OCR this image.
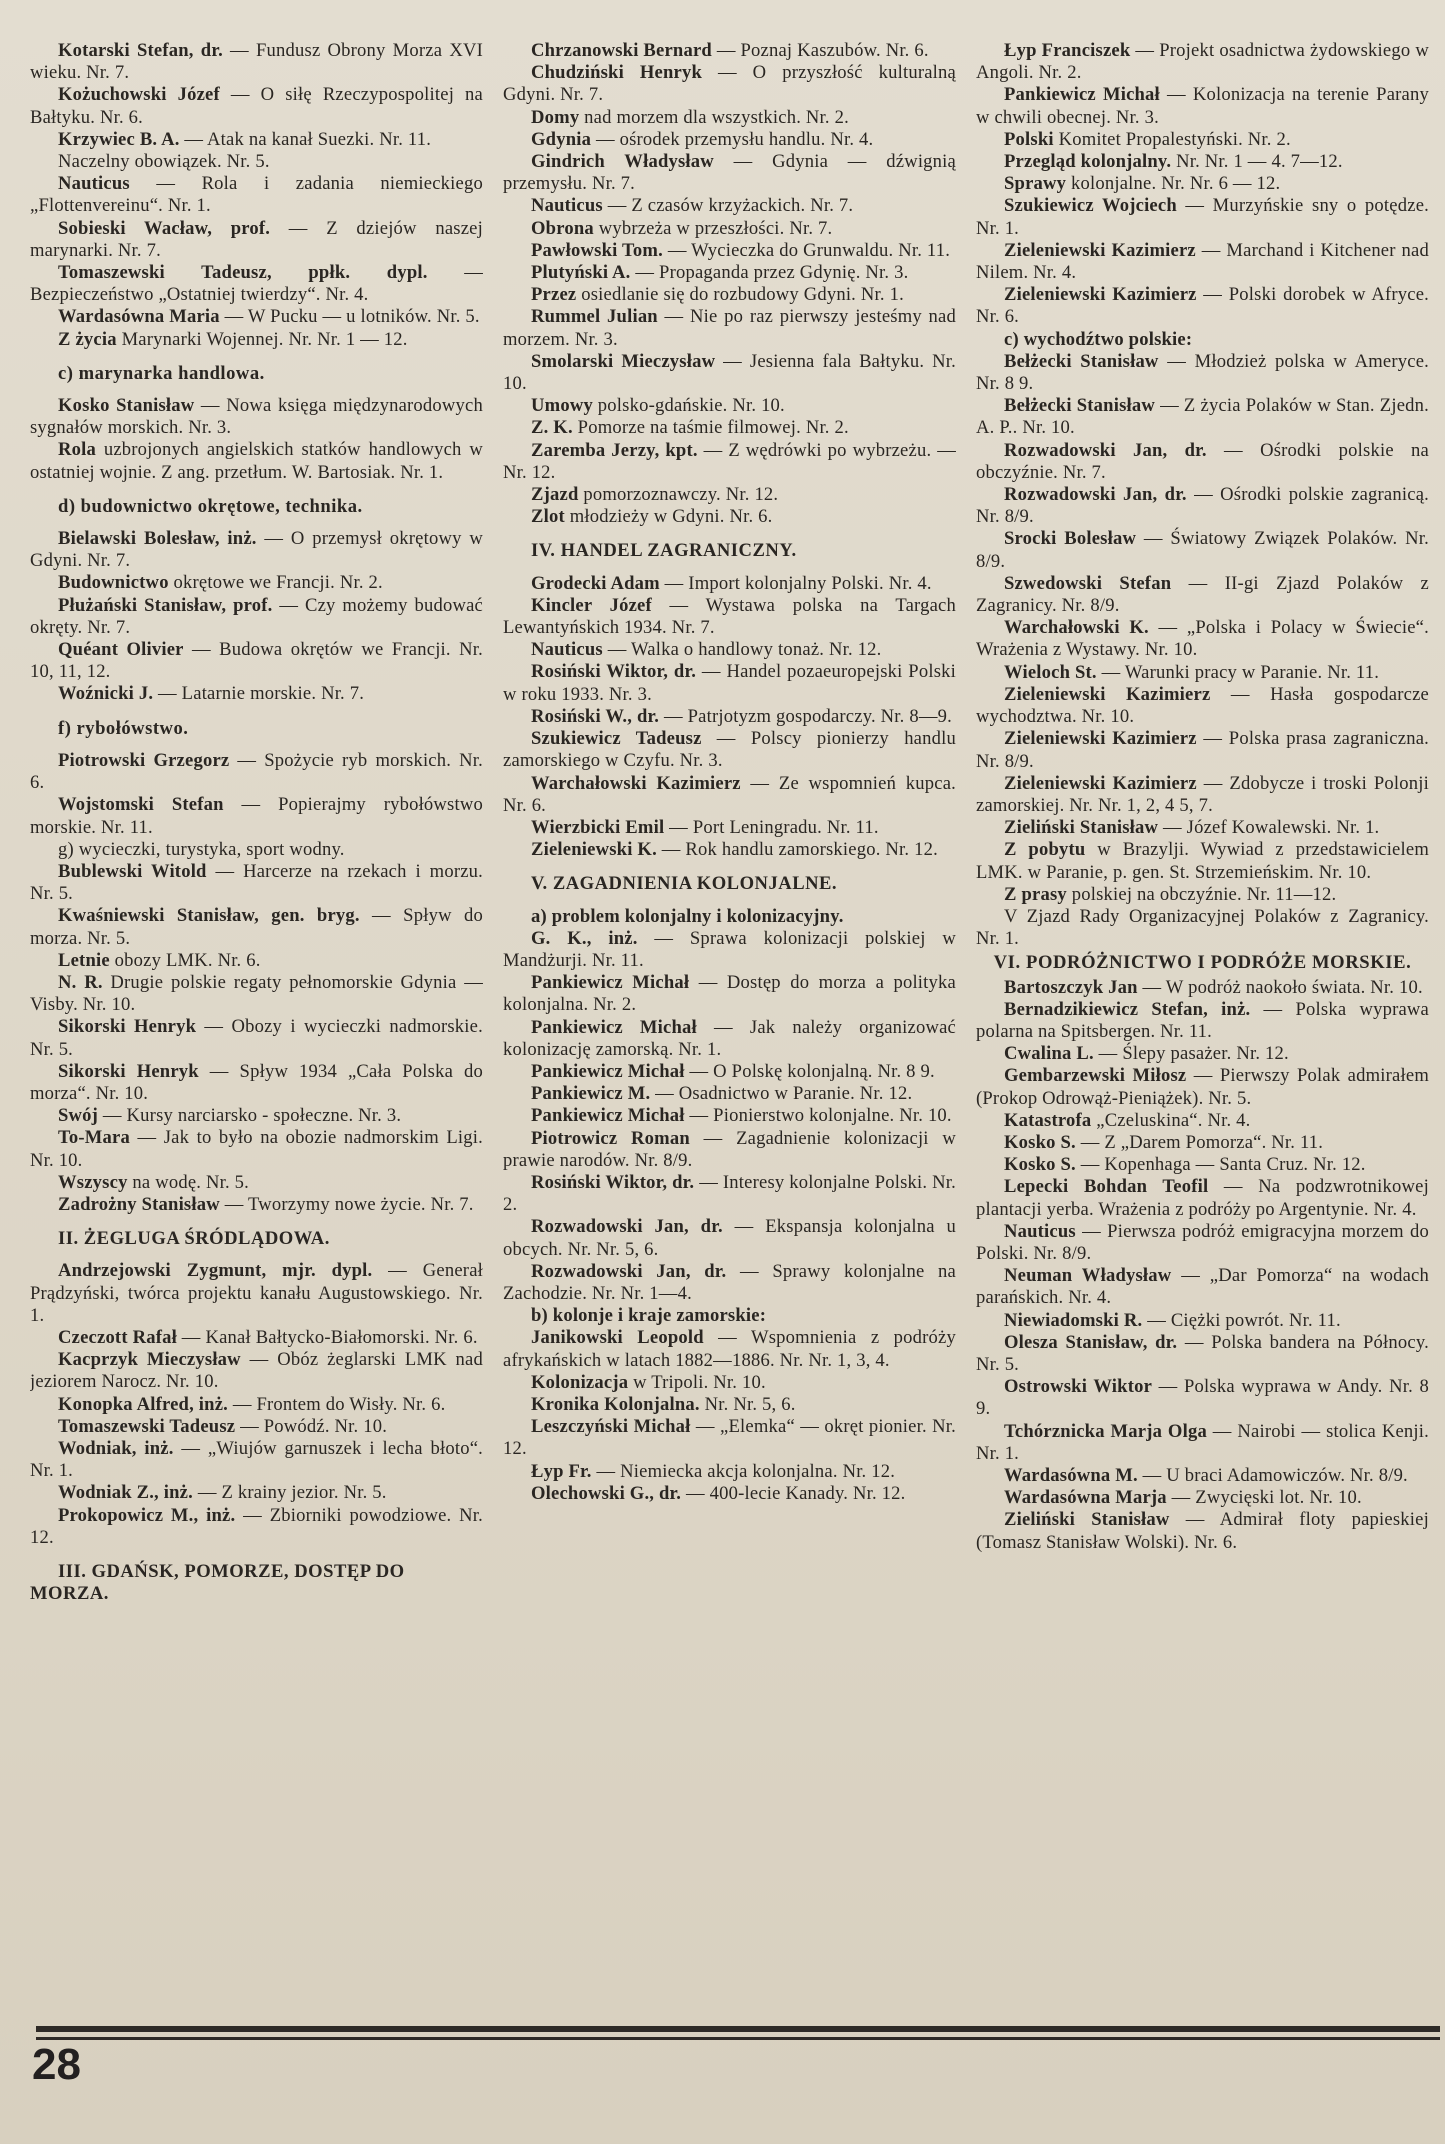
Kotarski Stefan, dr. — Fundusz Obrony Morza XVI wieku. Nr. 7.

Kożuchowski Józef — O siłę Rzeczypospolitej na Bałtyku. Nr. 6.

Krzywiec B. A. — Atak na kanał Suezki. Nr. 11.

Naczelny obowiązek. Nr. 5.

Nauticus — Rola i zadania niemieckiego „Flottenvereinu“. Nr. 1.

Sobieski Wacław, prof. — Z dziejów naszej marynarki. Nr. 7.

Tomaszewski Tadeusz, ppłk. dypl. — Bezpieczeństwo „Ostatniej twierdzy“. Nr. 4.

Wardasówna Maria — W Pucku — u lotników. Nr. 5.

Z życia Marynarki Wojennej. Nr. Nr. 1 — 12.

c) marynarka handlowa.

Kosko Stanisław — Nowa księga międzynarodowych sygnałów morskich. Nr. 3.

Rola uzbrojonych angielskich statków handlowych w ostatniej wojnie. Z ang. przetłum. W. Bartosiak. Nr. 1.

d) budownictwo okrętowe, technika.

Bielawski Bolesław, inż. — O przemysł okrętowy w Gdyni. Nr. 7.

Budownictwo okrętowe we Francji. Nr. 2.

Płużański Stanisław, prof. — Czy możemy budować okręty. Nr. 7.

Quéant Olivier — Budowa okrętów we Francji. Nr. 10, 11, 12.

Woźnicki J. — Latarnie morskie. Nr. 7.

f) rybołówstwo.

Piotrowski Grzegorz — Spożycie ryb morskich. Nr. 6.

Wojstomski Stefan — Popierajmy rybołówstwo morskie. Nr. 11.

g) wycieczki, turystyka, sport wodny.

Bublewski Witold — Harcerze na rzekach i morzu. Nr. 5.

Kwaśniewski Stanisław, gen. bryg. — Spływ do morza. Nr. 5.

Letnie obozy LMK. Nr. 6.

N. R. Drugie polskie regaty pełnomorskie Gdynia — Visby. Nr. 10.

Sikorski Henryk — Obozy i wycieczki nadmorskie. Nr. 5.

Sikorski Henryk — Spływ 1934 „Cała Polska do morza“. Nr. 10.

Swój — Kursy narciarsko - społeczne. Nr. 3.

To-Mara — Jak to było na obozie nadmorskim Ligi. Nr. 10.

Wszyscy na wodę. Nr. 5.

Zadrożny Stanisław — Tworzymy nowe życie. Nr. 7.

II. ŻEGLUGA ŚRÓDLĄDOWA.

Andrzejowski Zygmunt, mjr. dypl. — Generał Prądzyński, twórca projektu kanału Augustowskiego. Nr. 1.

Czeczott Rafał — Kanał Bałtycko-Białomorski. Nr. 6.

Kacprzyk Mieczysław — Obóz żeglarski LMK nad jeziorem Narocz. Nr. 10.

Konopka Alfred, inż. — Frontem do Wisły. Nr. 6.

Tomaszewski Tadeusz — Powódź. Nr. 10.

Wodniak, inż. — „Wiujów garnuszek i lecha błoto“. Nr. 1.

Wodniak Z., inż. — Z krainy jezior. Nr. 5.

Prokopowicz M., inż. — Zbiorniki powodziowe. Nr. 12.

III. GDAŃSK, POMORZE, DOSTĘP DO MORZA.

Chrzanowski Bernard — Poznaj Kaszubów. Nr. 6.

Chudziński Henryk — O przyszłość kulturalną Gdyni. Nr. 7.

Domy nad morzem dla wszystkich. Nr. 2.

Gdynia — ośrodek przemysłu handlu. Nr. 4.

Gindrich Władysław — Gdynia — dźwignią przemysłu. Nr. 7.

Nauticus — Z czasów krzyżackich. Nr. 7.

Obrona wybrzeża w przeszłości. Nr. 7.

Pawłowski Tom. — Wycieczka do Grunwaldu. Nr. 11.

Plutyński A. — Propaganda przez Gdynię. Nr. 3.

Przez osiedlanie się do rozbudowy Gdyni. Nr. 1.

Rummel Julian — Nie po raz pierwszy jesteśmy nad morzem. Nr. 3.

Smolarski Mieczysław — Jesienna fala Bałtyku. Nr. 10.

Umowy polsko-gdańskie. Nr. 10.

Z. K. Pomorze na taśmie filmowej. Nr. 2.

Zaremba Jerzy, kpt. — Z wędrówki po wybrzeżu. — Nr. 12.

Zjazd pomorzoznawczy. Nr. 12.

Zlot młodzieży w Gdyni. Nr. 6.

IV. HANDEL ZAGRANICZNY.

Grodecki Adam — Import kolonjalny Polski. Nr. 4.

Kincler Józef — Wystawa polska na Targach Lewantyńskich 1934. Nr. 7.

Nauticus — Walka o handlowy tonaż. Nr. 12.

Rosiński Wiktor, dr. — Handel pozaeuropejski Polski w roku 1933. Nr. 3.

Rosiński W., dr. — Patrjotyzm gospodarczy. Nr. 8—9.

Szukiewicz Tadeusz — Polscy pionierzy handlu zamorskiego w Czyfu. Nr. 3.

Warchałowski Kazimierz — Ze wspomnień kupca. Nr. 6.

Wierzbicki Emil — Port Leningradu. Nr. 11.

Zieleniewski K. — Rok handlu zamorskiego. Nr. 12.

V. ZAGADNIENIA KOLONJALNE.

a) problem kolonjalny i kolonizacyjny.

G. K., inż. — Sprawa kolonizacji polskiej w Mandżurji. Nr. 11.

Pankiewicz Michał — Dostęp do morza a polityka kolonjalna. Nr. 2.

Pankiewicz Michał — Jak należy organizować kolonizację zamorską. Nr. 1.

Pankiewicz Michał — O Polskę kolonjalną. Nr. 8 9.

Pankiewicz M. — Osadnictwo w Paranie. Nr. 12.

Pankiewicz Michał — Pionierstwo kolonjalne. Nr. 10.

Piotrowicz Roman — Zagadnienie kolonizacji w prawie narodów. Nr. 8/9.

Rosiński Wiktor, dr. — Interesy kolonjalne Polski. Nr. 2.

Rozwadowski Jan, dr. — Ekspansja kolonjalna u obcych. Nr. Nr. 5, 6.

Rozwadowski Jan, dr. — Sprawy kolonjalne na Zachodzie. Nr. Nr. 1—4.

b) kolonje i kraje zamorskie:

Janikowski Leopold — Wspomnienia z podróży afrykańskich w latach 1882—1886. Nr. Nr. 1, 3, 4.

Kolonizacja w Tripoli. Nr. 10.

Kronika Kolonjalna. Nr. Nr. 5, 6.

Leszczyński Michał — „Elemka“ — okręt pionier. Nr. 12.

Łyp Fr. — Niemiecka akcja kolonjalna. Nr. 12.

Olechowski G., dr. — 400-lecie Kanady. Nr. 12.

Łyp Franciszek — Projekt osadnictwa żydowskiego w Angoli. Nr. 2.

Pankiewicz Michał — Kolonizacja na terenie Parany w chwili obecnej. Nr. 3.

Polski Komitet Propalestyński. Nr. 2.

Przegląd kolonjalny. Nr. Nr. 1 — 4. 7—12.

Sprawy kolonjalne. Nr. Nr. 6 — 12.

Szukiewicz Wojciech — Murzyńskie sny o potędze. Nr. 1.

Zieleniewski Kazimierz — Marchand i Kitchener nad Nilem. Nr. 4.

Zieleniewski Kazimierz — Polski dorobek w Afryce. Nr. 6.

c) wychodźtwo polskie:

Bełżecki Stanisław — Młodzież polska w Ameryce. Nr. 8 9.

Bełżecki Stanisław — Z życia Polaków w Stan. Zjedn. A. P.. Nr. 10.

Rozwadowski Jan, dr. — Ośrodki polskie na obczyźnie. Nr. 7.

Rozwadowski Jan, dr. — Ośrodki polskie zagranicą. Nr. 8/9.

Srocki Bolesław — Światowy Związek Polaków. Nr. 8/9.

Szwedowski Stefan — II-gi Zjazd Polaków z Zagranicy. Nr. 8/9.

Warchałowski K. — „Polska i Polacy w Świecie“. Wrażenia z Wystawy. Nr. 10.

Wieloch St. — Warunki pracy w Paranie. Nr. 11.

Zieleniewski Kazimierz — Hasła gospodarcze wychodztwa. Nr. 10.

Zieleniewski Kazimierz — Polska prasa zagraniczna. Nr. 8/9.

Zieleniewski Kazimierz — Zdobycze i troski Polonji zamorskiej. Nr. Nr. 1, 2, 4 5, 7.

Zieliński Stanisław — Józef Kowalewski. Nr. 1.

Z pobytu w Brazylji. Wywiad z przedstawicielem LMK. w Paranie, p. gen. St. Strzemieńskim. Nr. 10.

Z prasy polskiej na obczyźnie. Nr. 11—12.

V Zjazd Rady Organizacyjnej Polaków z Zagranicy. Nr. 1.

VI. PODRÓŻNICTWO I PODRÓŻE MORSKIE.

Bartoszczyk Jan — W podróż naokoło świata. Nr. 10.

Bernadzikiewicz Stefan, inż. — Polska wyprawa polarna na Spitsbergen. Nr. 11.

Cwalina L. — Ślepy pasażer. Nr. 12.

Gembarzewski Miłosz — Pierwszy Polak admirałem (Prokop Odrowąż-Pieniążek). Nr. 5.

Katastrofa „Czeluskina“. Nr. 4.

Kosko S. — Z „Darem Pomorza“. Nr. 11.

Kosko S. — Kopenhaga — Santa Cruz. Nr. 12.

Lepecki Bohdan Teofil — Na podzwrotnikowej plantacji yerba. Wrażenia z podróży po Argentynie. Nr. 4.

Nauticus — Pierwsza podróż emigracyjna morzem do Polski. Nr. 8/9.

Neuman Władysław — „Dar Pomorza“ na wodach parańskich. Nr. 4.

Niewiadomski R. — Ciężki powrót. Nr. 11.

Olesza Stanisław, dr. — Polska bandera na Północy. Nr. 5.

Ostrowski Wiktor — Polska wyprawa w Andy. Nr. 8 9.

Tchórznicka Marja Olga — Nairobi — stolica Kenji. Nr. 1.

Wardasówna M. — U braci Adamowiczów. Nr. 8/9.

Wardasówna Marja — Zwycięski lot. Nr. 10.

Zieliński Stanisław — Admirał floty papieskiej (Tomasz Stanisław Wolski). Nr. 6.

28
